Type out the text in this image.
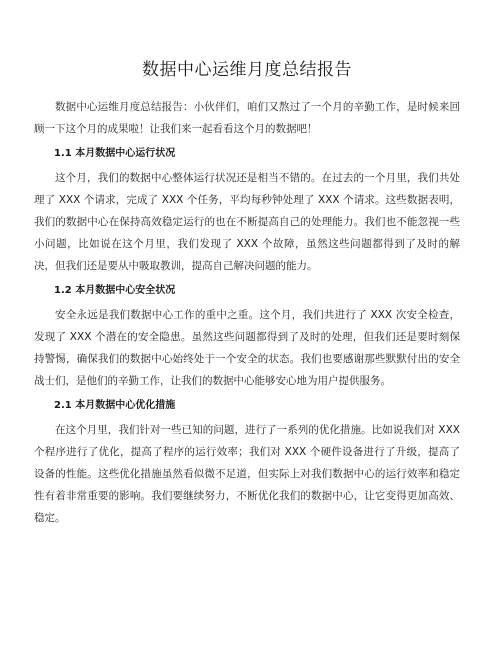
数据中心运维月度总结报告

数据中心运维月度总结报告：小伙伴们，咱们又熬过了一个月的辛勤工作，是时候来回顾一下这个月的成果啦！让我们来一起看看这个月的数据吧！

1.1 本月数据中心运行状况

这个月，我们的数据中心整体运行状况还是相当不错的。在过去的一个月里，我们共处理了 XXX 个请求，完成了 XXX 个任务，平均每秒钟处理了 XXX 个请求。这些数据表明，我们的数据中心在保持高效稳定运行的也在不断提高自己的处理能力。我们也不能忽视一些小问题，比如说在这个月里，我们发现了 XXX 个故障，虽然这些问题都得到了及时的解决，但我们还是要从中吸取教训，提高自己解决问题的能力。

1.2 本月数据中心安全状况

安全永远是我们数据中心工作的重中之重。这个月，我们共进行了 XXX 次安全检查，发现了 XXX 个潜在的安全隐患。虽然这些问题都得到了及时的处理，但我们还是要时刻保持警惕，确保我们的数据中心始终处于一个安全的状态。我们也要感谢那些默默付出的安全战士们，是他们的辛勤工作，让我们的数据中心能够安心地为用户提供服务。

2.1 本月数据中心优化措施

在这个月里，我们针对一些已知的问题，进行了一系列的优化措施。比如说我们对 XXX 个程序进行了优化，提高了程序的运行效率；我们对 XXX 个硬件设备进行了升级，提高了设备的性能。这些优化措施虽然看似微不足道，但实际上对我们数据中心的运行效率和稳定性有着非常重要的影响。我们要继续努力，不断优化我们的数据中心，让它变得更加高效、稳定。
